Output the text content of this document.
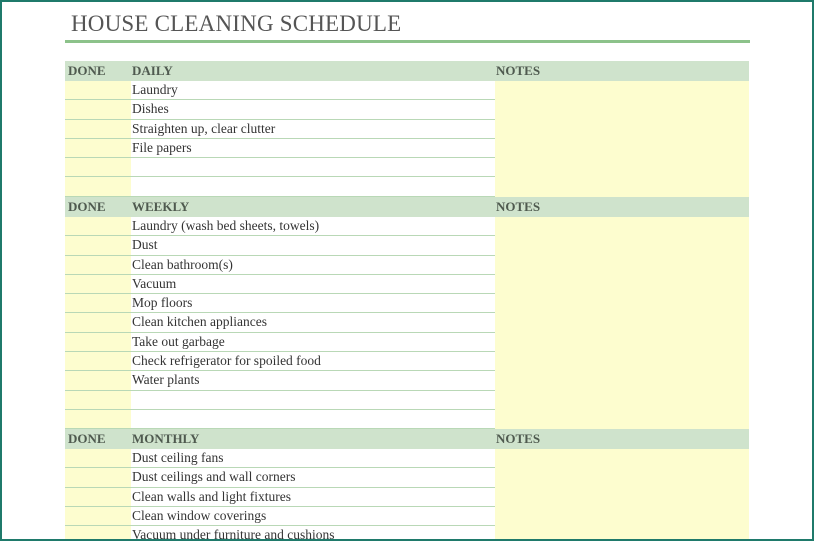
HOUSE CLEANING SCHEDULE
DONE DAILY	NOTES
Laundry
Dishes
Straighten up, clear clutter
File papers
DONE WEEKLY	NOTES
Laundry (wash bed sheets, towels)
Dust
Clean bathroom(s)
Vacuum
Mop floors
Clean kitchen appliances
Take out garbage
Check refrigerator for spoiled food
Water plants
DONE MONTHLY	NOTES
Dust ceiling fans
Dust ceilings and wall corners
Clean walls and light fixtures
Clean window coverings
Vacuum under furniture and cushions
